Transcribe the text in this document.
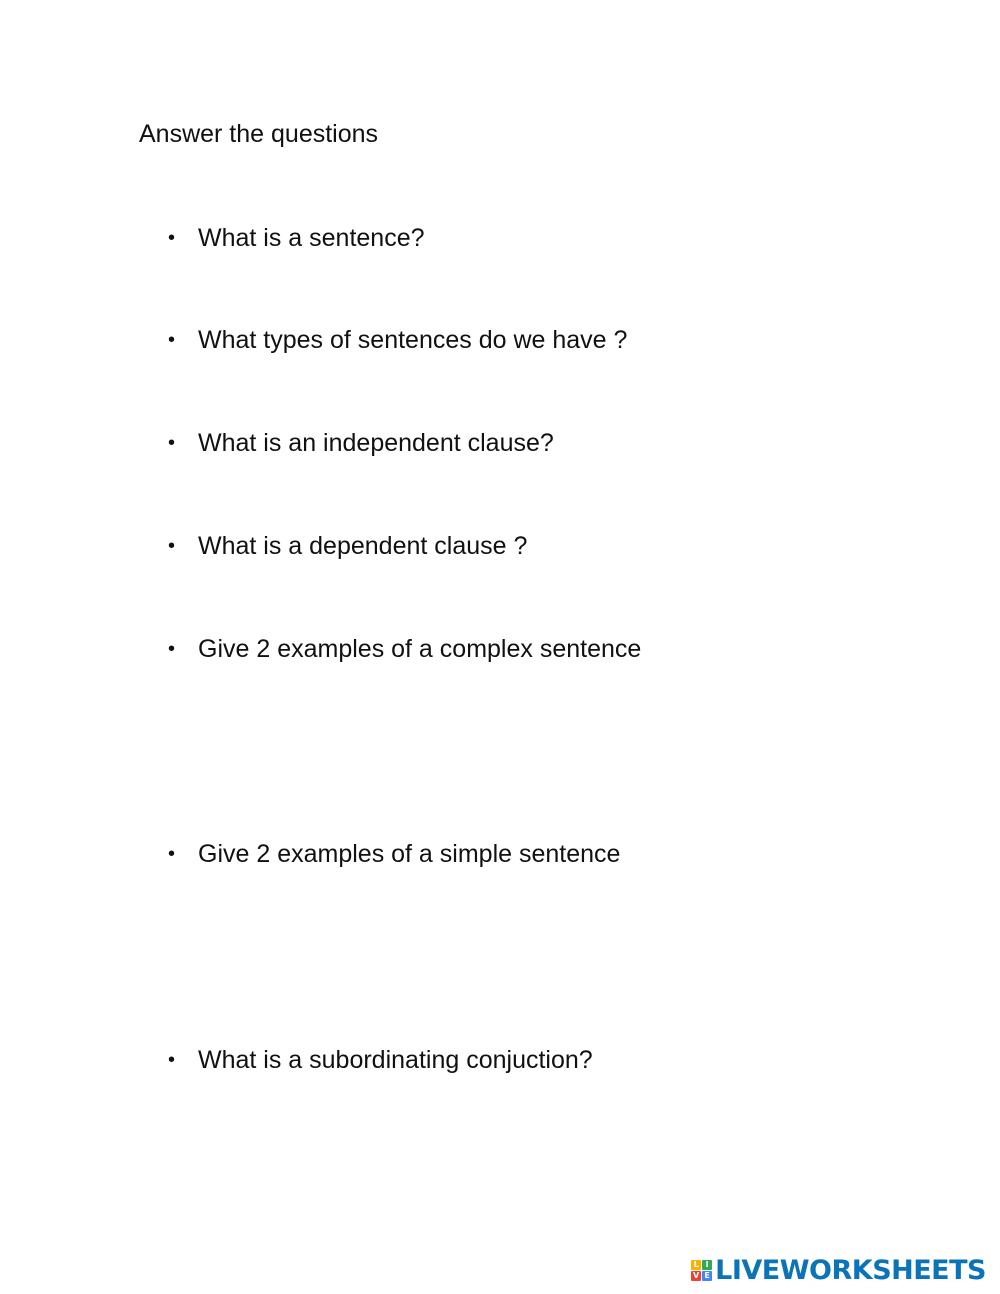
Answer the questions
• What is a sentence?
• What types of sentences do we have ?
• What is an independent clause?
• What is a dependent clause ?
• Give 2 examples of a complex sentence
• Give 2 examples of a simple sentence
• What is a subordinating conjuction?
L I
V E LIVEWORKSHEETS
